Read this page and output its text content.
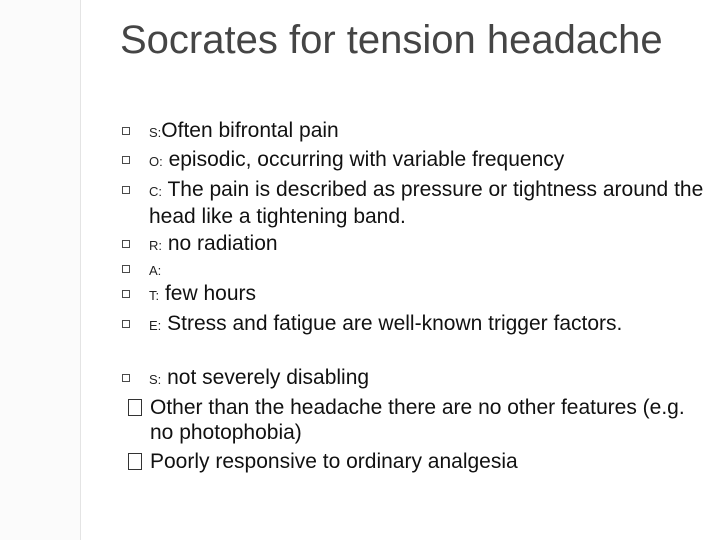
Socrates for tension headache
S:Often bifrontal pain
O: episodic, occurring with variable frequency
C: The pain is described as pressure or tightness around the head like a tightening band.
R: no radiation
A:
T: few hours
E: Stress and fatigue are well-known trigger factors.
S: not severely disabling
Other than the headache there are no other features (e.g. no photophobia)
Poorly responsive to ordinary analgesia
